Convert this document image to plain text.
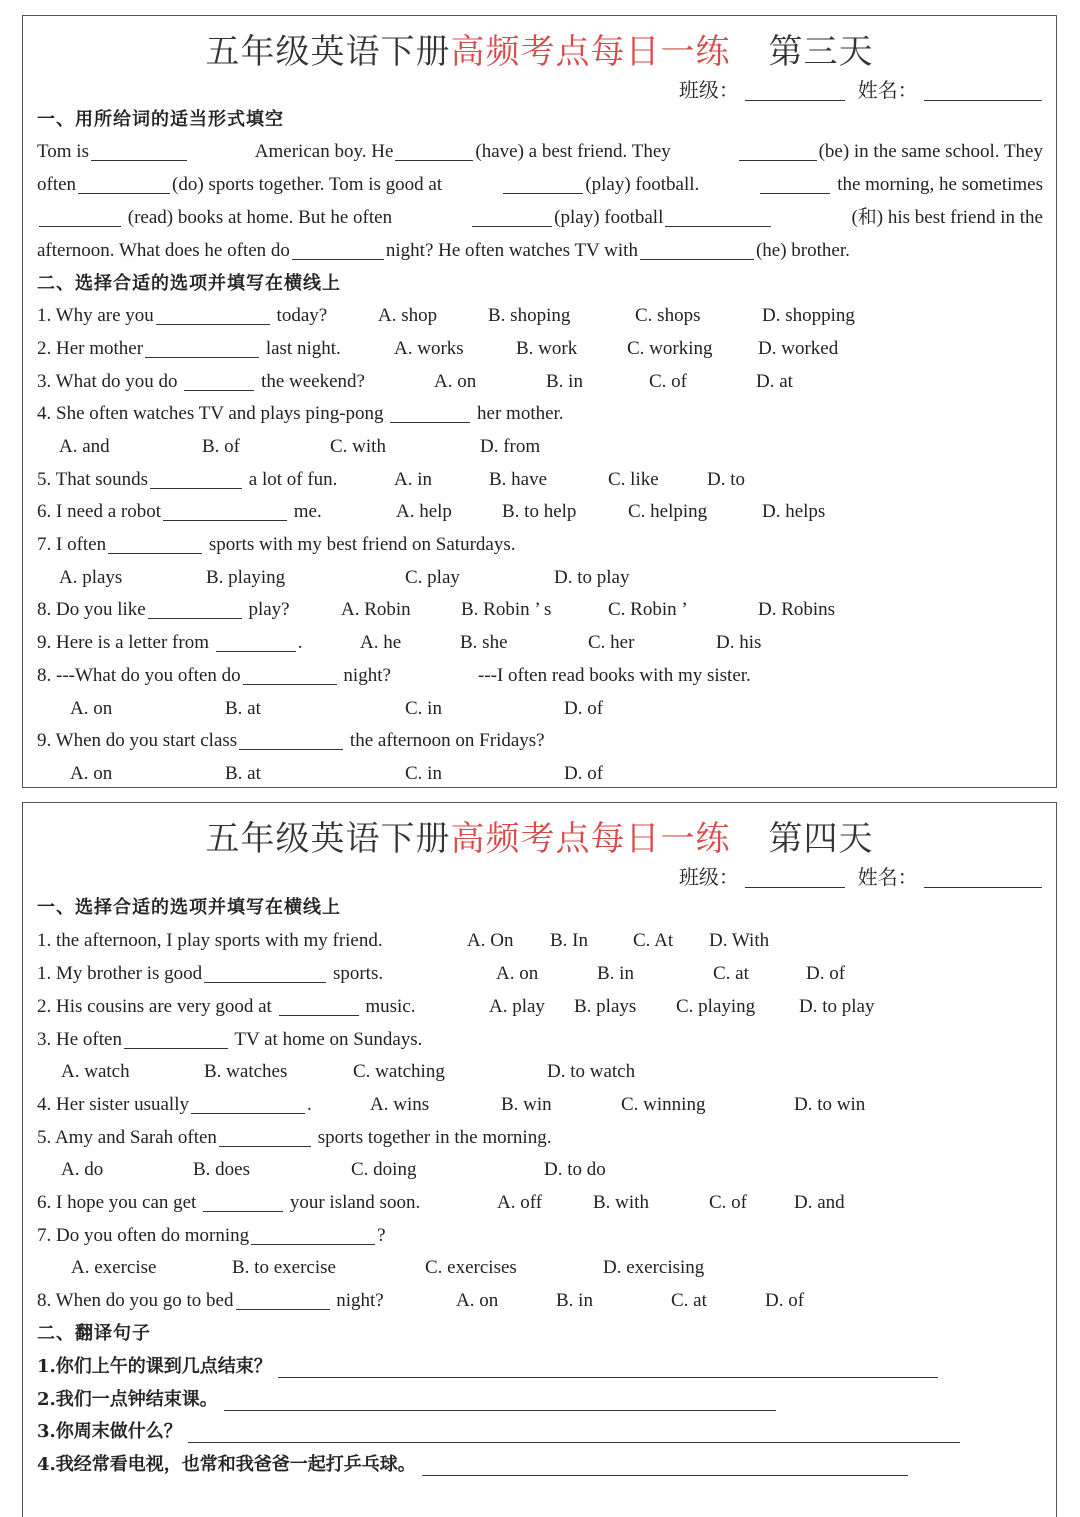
五年级英语下册高频考点每日一练 第三天
班级：	姓名：
一、用所给词的适当形式填空
Tom is	American boy. He	(have) a best friend. They	(be) in the same school. They
often	(do) sports together. Tom is good at	(play) football.	the morning, he sometimes
(read) books at home. But he often	(play) football	(和) his best friend in the
afternoon. What does he often do	night? He often watches TV with	(he) brother.
二、选择合适的选项并填写在横线上
1. Why are you	today?	A. shop	B. shoping	C. shops	D. shopping
2. Her mother	last night.	A. works	B. work	C. working D. worked
3. What do you do	the weekend?	A. on	B. in	C. of	D. at
4. She often watches TV and plays ping-pong	her mother.
A. and	B. of	C. with	D. from
5. That sounds	a lot of fun.	A. in	B. have	C. like	D. to
6. I need a robot	me.	A. help	B. to help	C. helping	D. helps
7. I often	sports with my best friend on Saturdays.
A. plays	B. playing	C. play	D. to play
8. Do you like	play?	A. Robin	B. Robin ’ s	C. Robin ’	D. Robins
9. Here is a letter from	.	A. he	B. she	C. her	D. his
8. ---What do you often do	night?	---I often read books with my sister.
A. on	B. at	C. in	D. of
9. When do you start class	the afternoon on Fridays?
A. on	B. at	C. in	D. of
五年级英语下册高频考点每日一练 第四天
班级：	姓名：
一、选择合适的选项并填写在横线上
1. the afternoon, I play sports with my friend.	A. On B. In C. At D. With
1. My brother is good	sports.	A. on	B. in	C. at	D. of
2. His cousins are very good at	music.	A. play B. plays C. playing D. to play
3. He often	TV at home on Sundays.
A. watch	B. watches	C. watching	D. to watch
4. Her sister usually	.	A. wins	B. win	C. winning	D. to win
5. Amy and Sarah often	sports together in the morning.
A. do	B. does	C. doing	D. to do
6. I hope you can get	your island soon.	A. off	B. with	C. of D. and
7. Do you often do morning	?
A. exercise	B. to exercise	C. exercises	D. exercising
8. When do you go to bed	night?	A. on	B. in	C. at	D. of
二、翻译句子
1.你们上午的课到几点结束？
2.我们一点钟结束课。
3.你周末做什么？
4.我经常看电视，也常和我爸爸一起打乒乓球。
